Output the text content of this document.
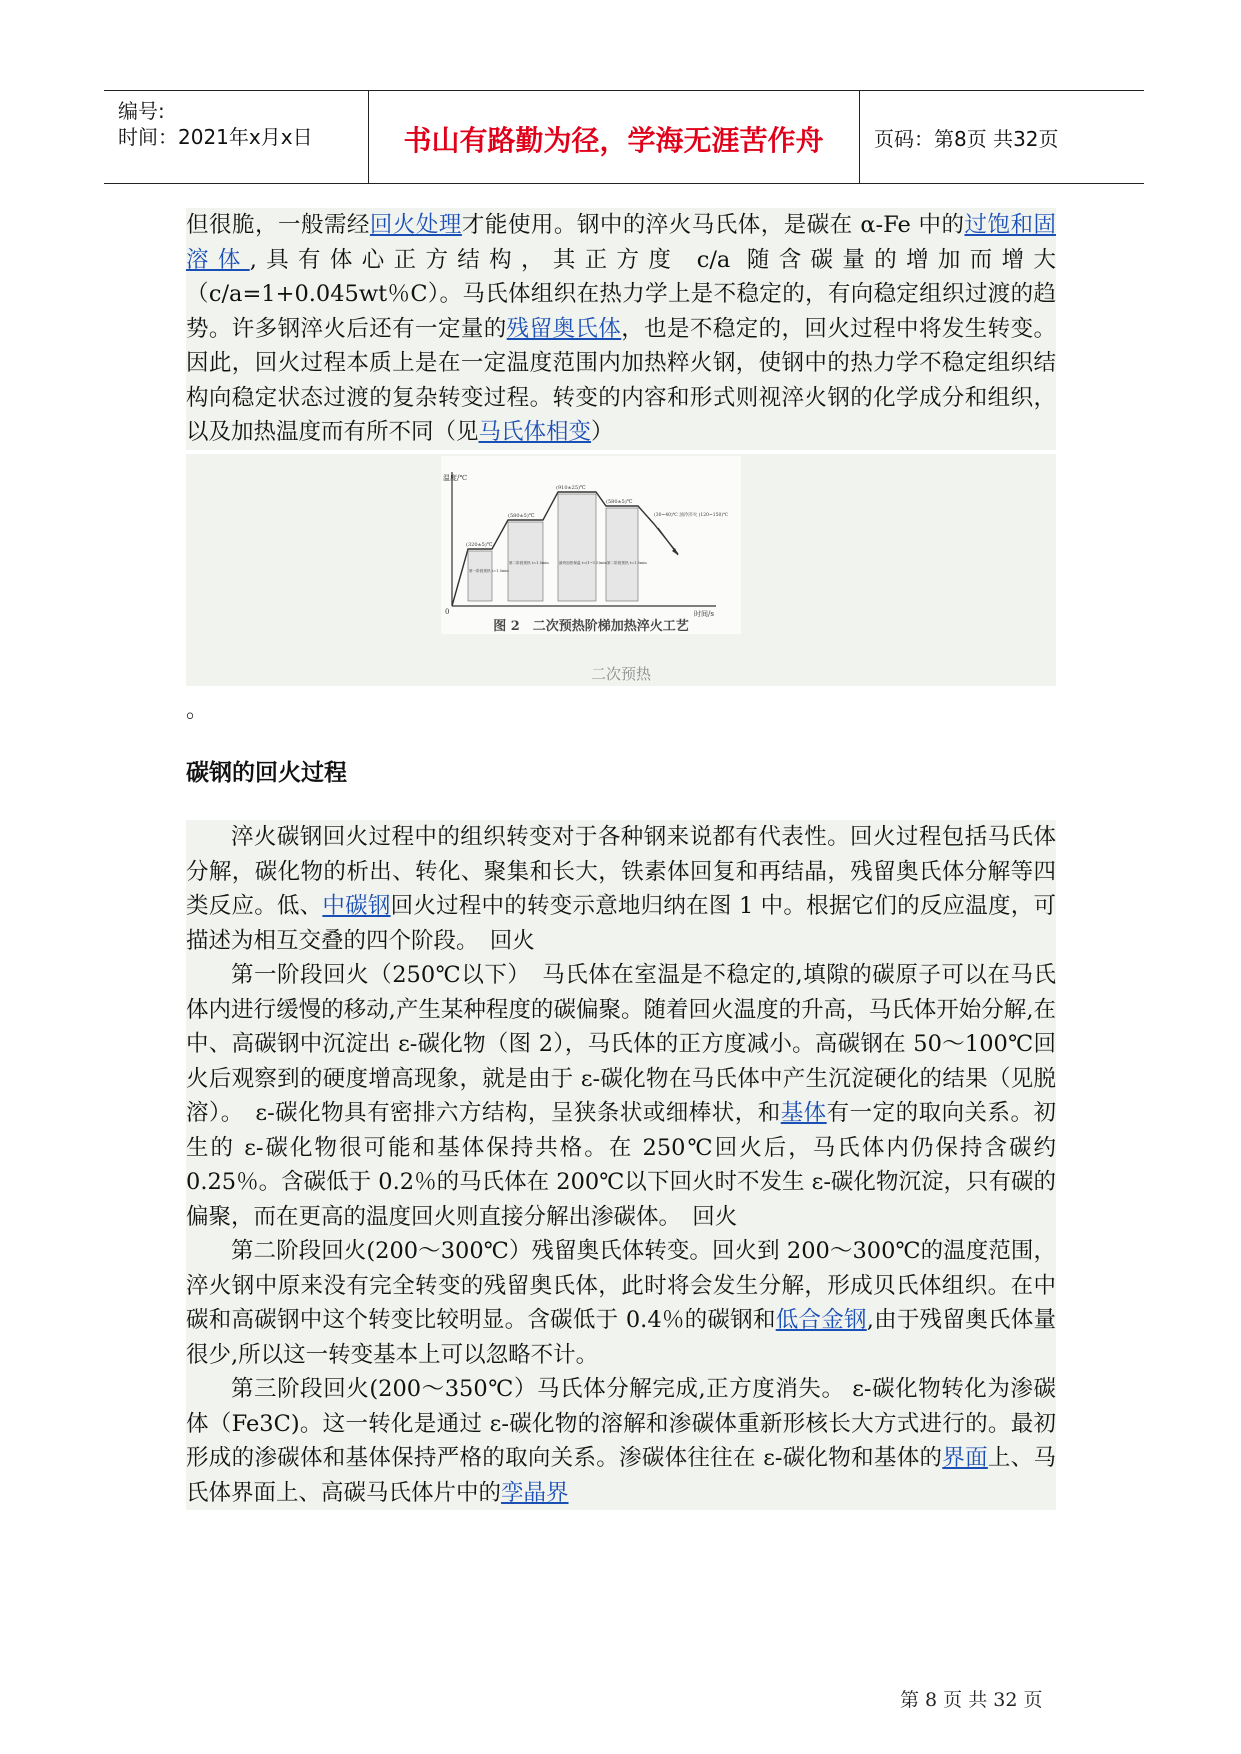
编号:
时间：2021年x月x日	书山有路勤为径，学海无涯苦作舟	页码：第8页 共32页

但很脆，一般需经回火处理才能使用。钢中的淬火马氏体，是碳在 α-Fe 中的过饱和固溶体,具有体心正方结构，其正方度 c/a 随含碳量的增加而增大（c/a=1+0.045wt％C）。马氏体组织在热力学上是不稳定的，有向稳定组织过渡的趋势。许多钢淬火后还有一定量的残留奥氏体，也是不稳定的，回火过程中将发生转变。因此，回火过程本质上是在一定温度范围内加热粹火钢，使钢中的热力学不稳定组织结构向稳定状态过渡的复杂转变过程。转变的内容和形式则视淬火钢的化学成分和组织，以及加热温度而有所不同（见马氏体相变）

温度/℃
时间/s
0
(320±5)℃
(580±5)℃
(910±25)℃
(580±5)℃
(30~40)℃ 油冷淬火 (120~150)℃
第一阶段预热 t=1.5min
第二阶段预热 t=1.5min	最终加热保温 t=(1~1.5)min 第二阶段预热 t=1.5min
图 2　二次预热阶梯加热淬火工艺
二次预热

。

碳钢的回火过程

淬火碳钢回火过程中的组织转变对于各种钢来说都有代表性。回火过程包括马氏体分解，碳化物的析出、转化、聚集和长大，铁素体回复和再结晶，残留奥氏体分解等四类反应。低、中碳钢回火过程中的转变示意地归纳在图 1 中。根据它们的反应温度，可描述为相互交叠的四个阶段。　回火

第一阶段回火（250℃以下）　马氏体在室温是不稳定的,填隙的碳原子可以在马氏体内进行缓慢的移动,产生某种程度的碳偏聚。随着回火温度的升高，马氏体开始分解,在中、高碳钢中沉淀出 ε-碳化物（图 2），马氏体的正方度减小。高碳钢在 50～100℃回火后观察到的硬度增高现象，就是由于 ε-碳化物在马氏体中产生沉淀硬化的结果（见脱溶）。　ε-碳化物具有密排六方结构，呈狭条状或细棒状，和基体有一定的取向关系。初生的 ε-碳化物很可能和基体保持共格。在 250℃回火后，马氏体内仍保持含碳约 0.25％。含碳低于 0.2％的马氏体在 200℃以下回火时不发生 ε-碳化物沉淀，只有碳的偏聚，而在更高的温度回火则直接分解出渗碳体。　回火

第二阶段回火(200～300℃）残留奥氏体转变。回火到 200～300℃的温度范围，淬火钢中原来没有完全转变的残留奥氏体，此时将会发生分解，形成贝氏体组织。在中碳和高碳钢中这个转变比较明显。含碳低于 0.4％的碳钢和低合金钢,由于残留奥氏体量很少,所以这一转变基本上可以忽略不计。

第三阶段回火(200～350℃）马氏体分解完成,正方度消失。 ε-碳化物转化为渗碳体（Fe3C)。这一转化是通过 ε-碳化物的溶解和渗碳体重新形核长大方式进行的。最初形成的渗碳体和基体保持严格的取向关系。渗碳体往往在 ε-碳化物和基体的界面上、马氏体界面上、高碳马氏体片中的孪晶界

第 8 页 共 32 页
